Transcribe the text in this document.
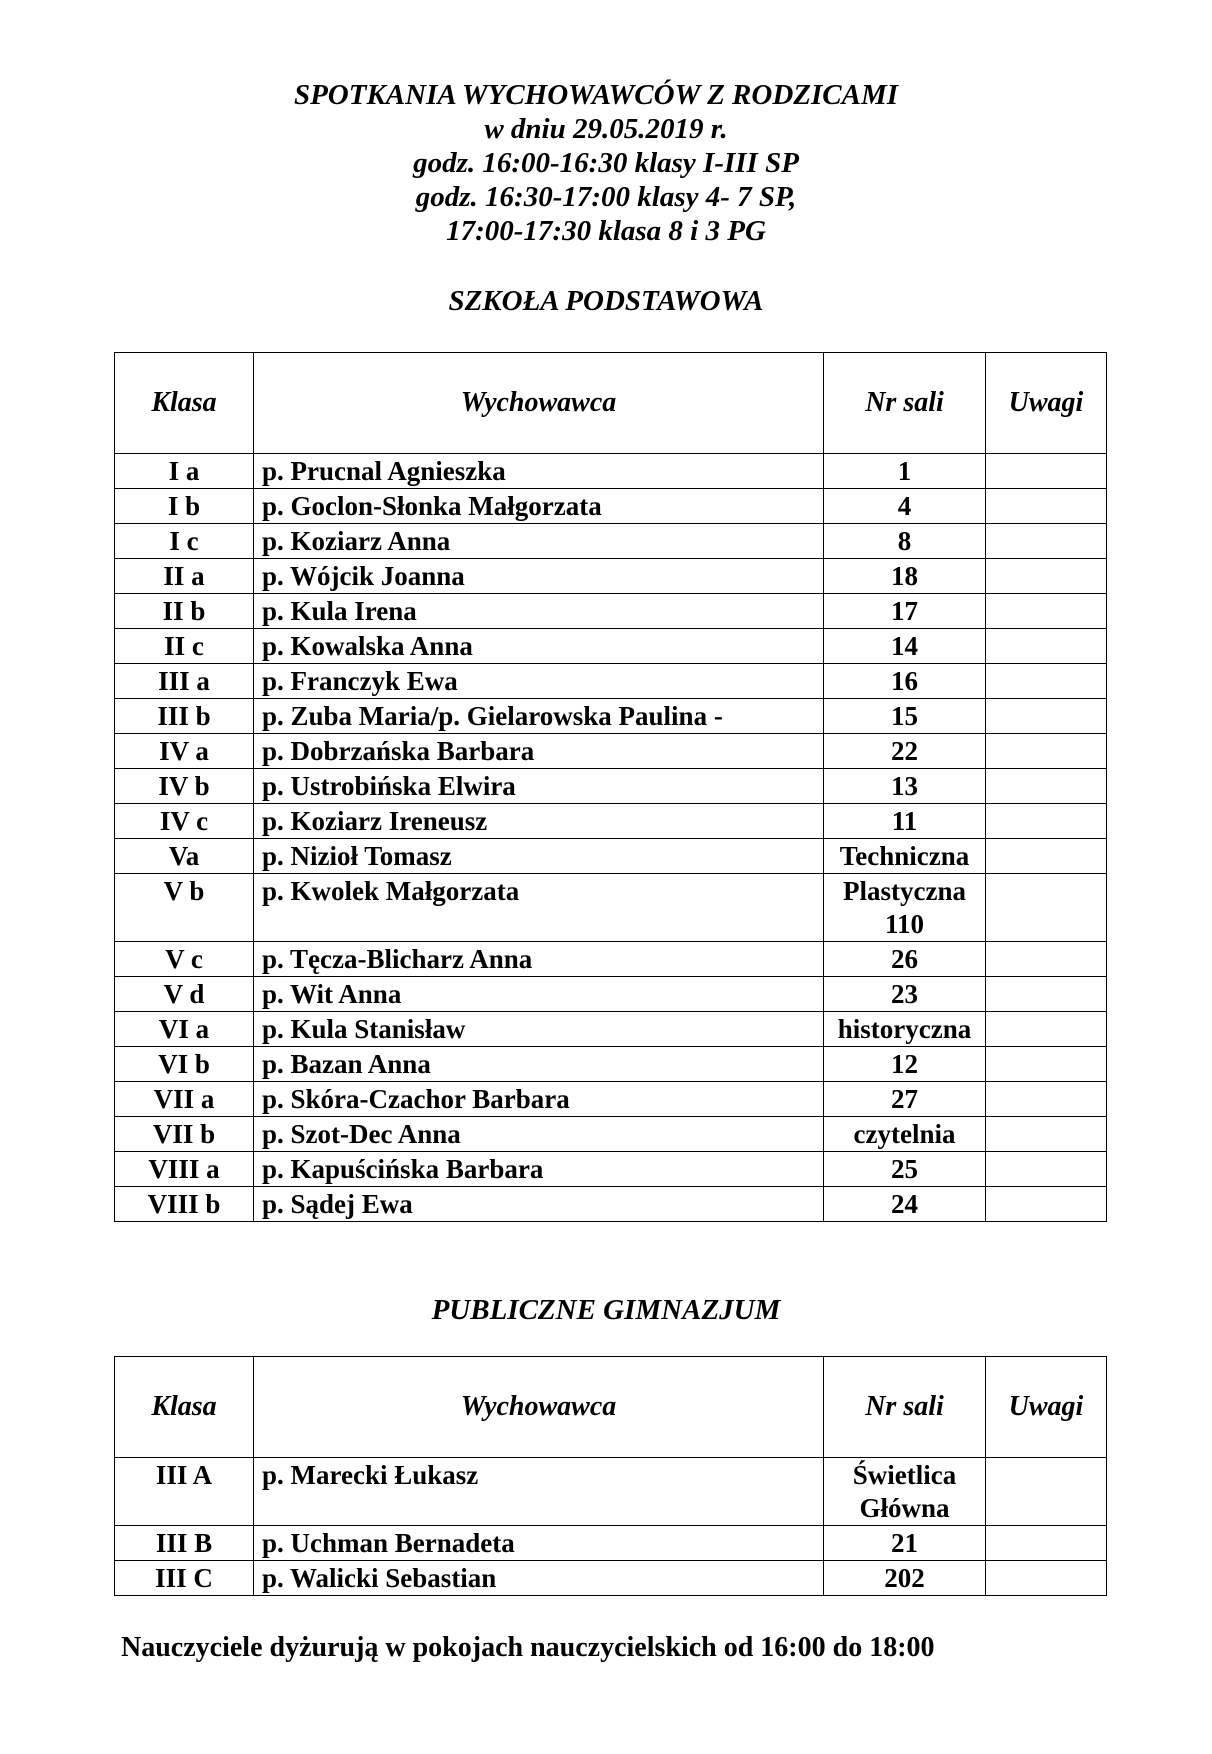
SPOTKANIA WYCHOWAWCÓW Z RODZICAMI
w dniu 29.05.2019 r.
godz. 16:00-16:30 klasy I-III SP
godz. 16:30-17:00 klasy 4- 7 SP,
17:00-17:30 klasa 8 i 3 PG
SZKOŁA PODSTAWOWA
Klasa	Wychowawca	Nr sali	Uwagi
I a	p. Prucnal Agnieszka	1	

I b	p. Goclon-Słonka Małgorzata	4	

I c	p. Koziarz Anna	8	

II a	p. Wójcik Joanna	18	

II b	p. Kula Irena	17	

II c	p. Kowalska Anna	14	

III a	p. Franczyk Ewa	16	

III b	p. Zuba Maria/p. Gielarowska Paulina -	15	

IV a	p. Dobrzańska Barbara	22	

IV b	p. Ustrobińska Elwira	13	

IV c	p. Koziarz Ireneusz	11	

Va	p. Nizioł Tomasz	Techniczna	

V b	p. Kwolek Małgorzata	Plastyczna
110	

V c	p. Tęcza-Blicharz Anna	26	

V d	p. Wit Anna	23	

VI a	p. Kula Stanisław	historyczna	

VI b	p. Bazan Anna	12	

VII a	p. Skóra-Czachor Barbara	27	

VII b	p. Szot-Dec Anna	czytelnia	

VIII a	p. Kapuścińska Barbara	25	

VIII b	p. Sądej Ewa	24	

PUBLICZNE GIMNAZJUM
Klasa	Wychowawca	Nr sali	Uwagi
III A	p. Marecki Łukasz	Świetlica
Główna	

III B	p. Uchman Bernadeta	21	

III C	p. Walicki Sebastian	202	

Nauczyciele dyżurują w pokojach nauczycielskich od 16:00 do 18:00
